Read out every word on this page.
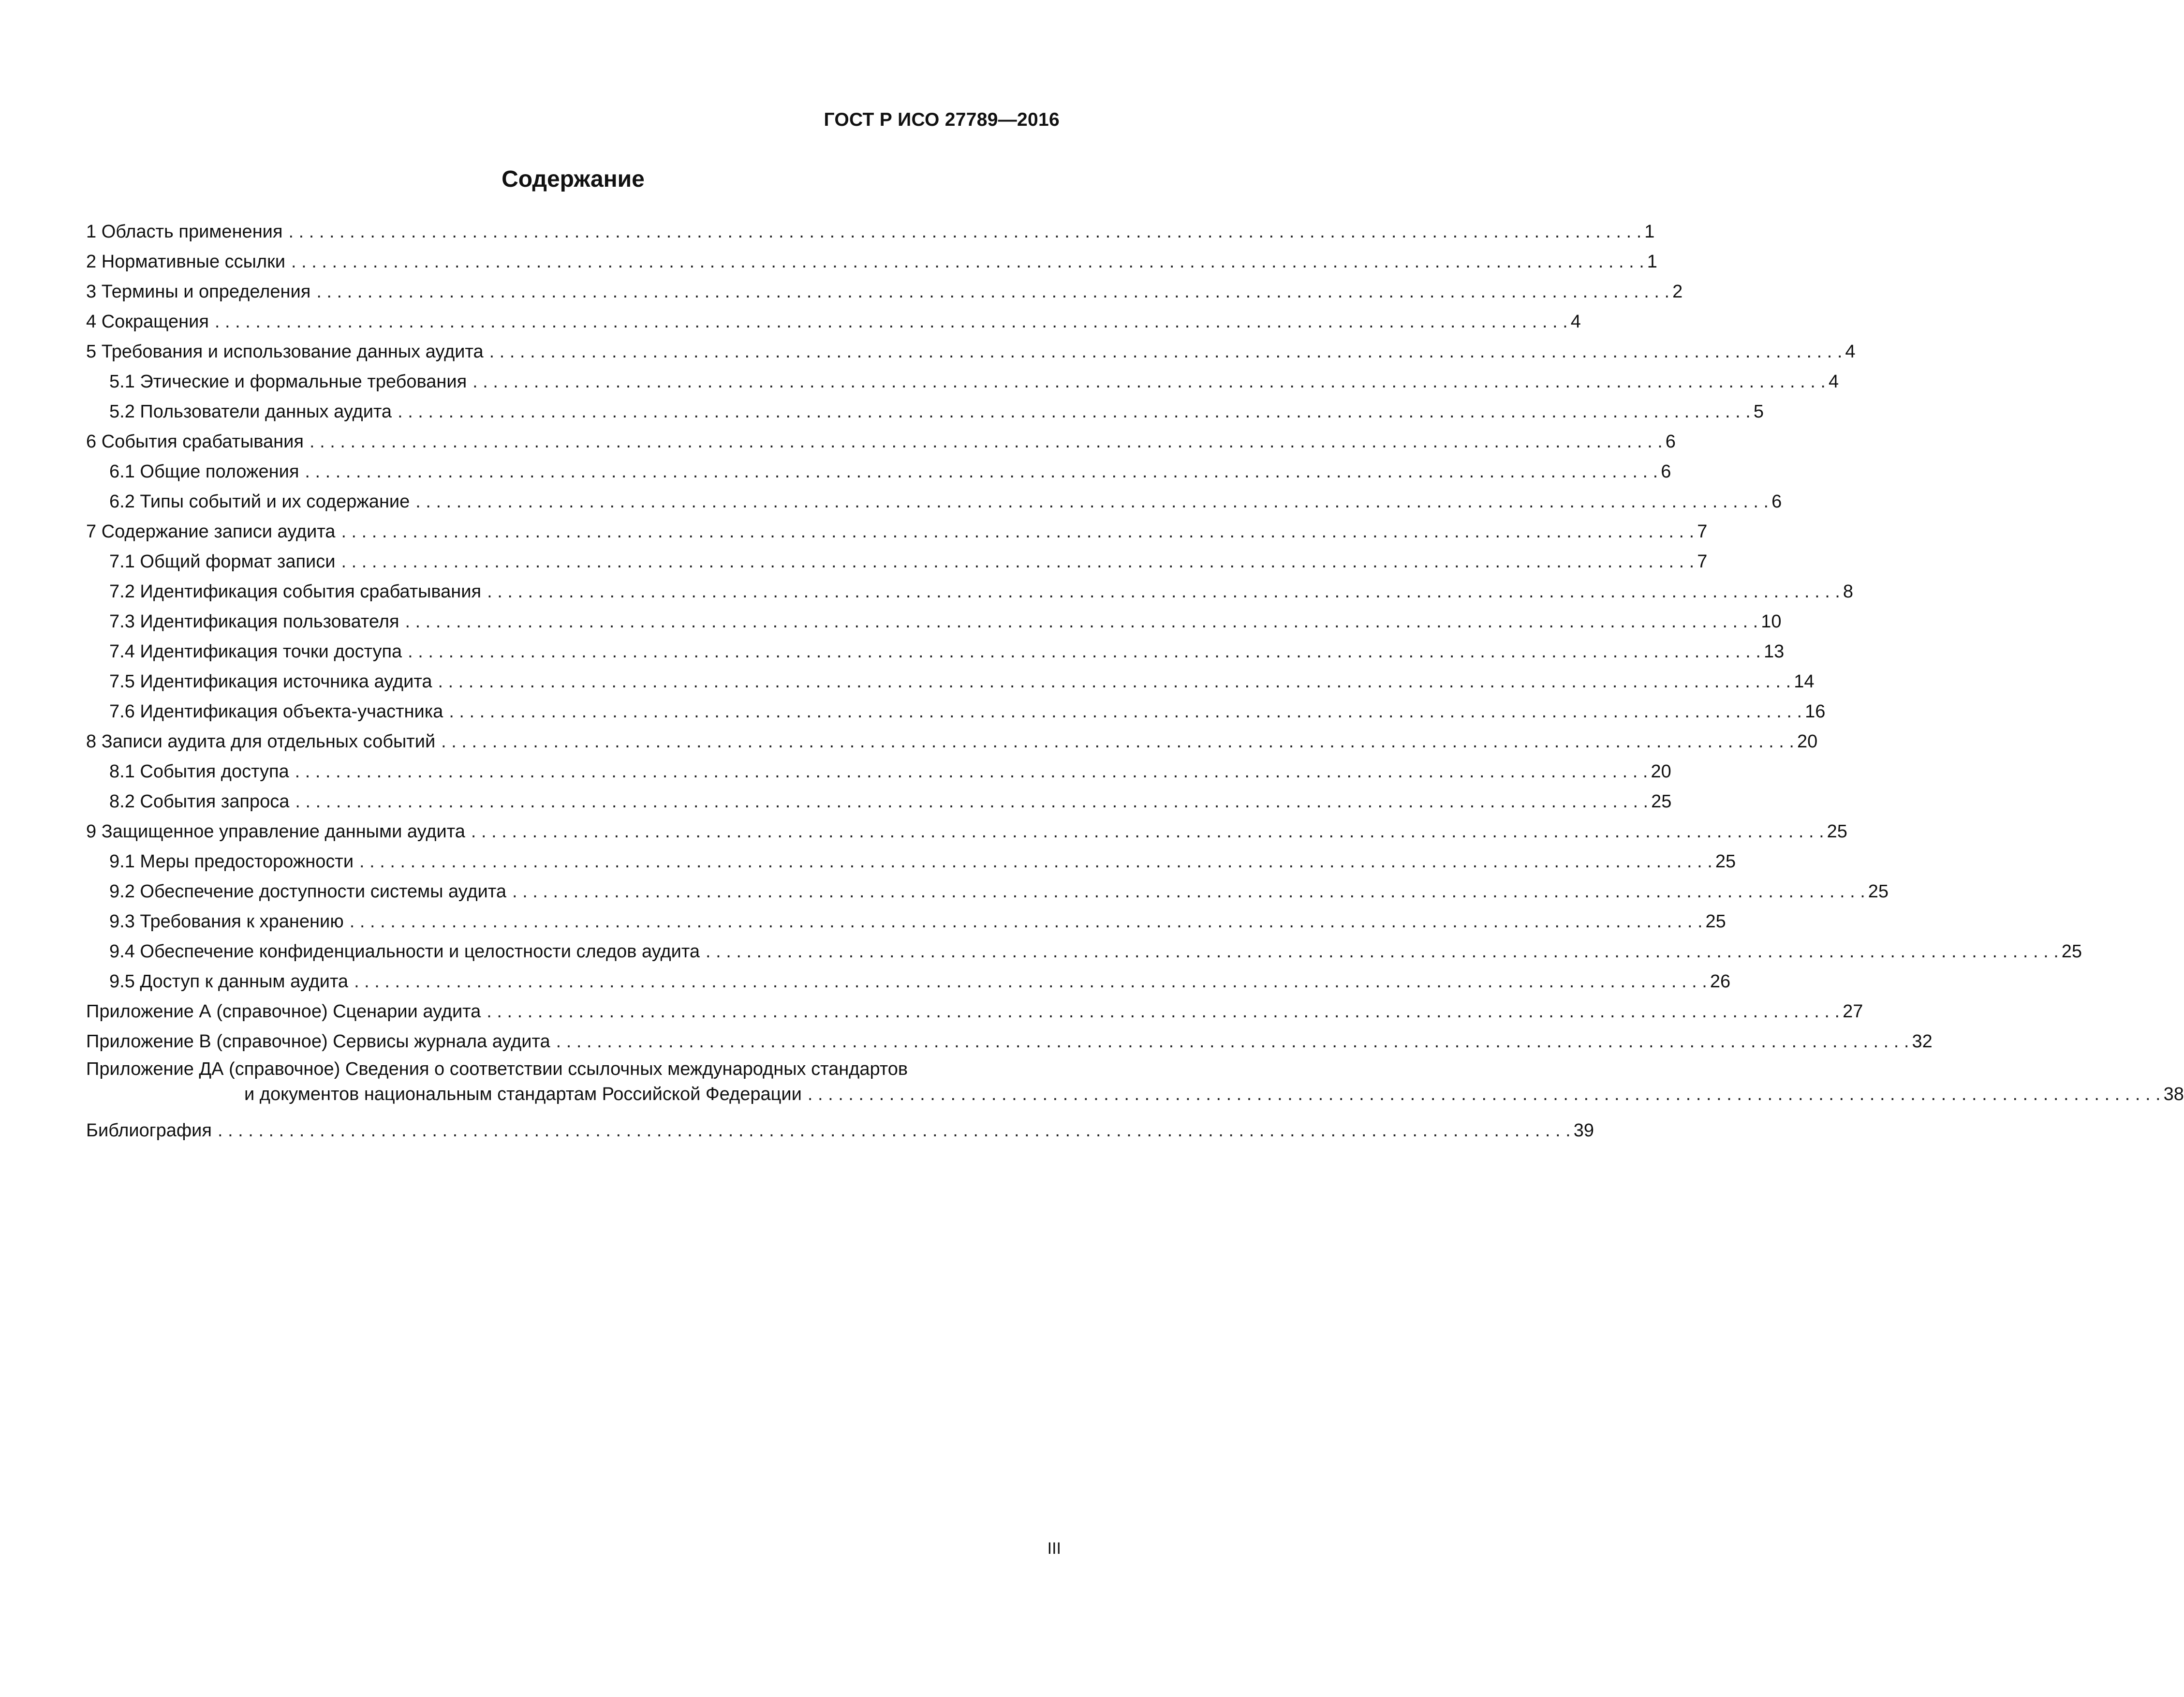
ГОСТ Р ИСО 27789—2016
Содержание
1 Область применения . . .	1
2 Нормативные ссылки . . .	1
3 Термины и определения . . .	2
4 Сокращения . . .	4
5 Требования и использование данных аудита . . .	4
5.1 Этические и формальные требования . . .	4
5.2 Пользователи данных аудита . . .	5
6 События срабатывания . . .	6
6.1 Общие положения . . .	6
6.2 Типы событий и их содержание . . .	6
7 Содержание записи аудита . . .	7
7.1 Общий формат записи . . .	7
7.2 Идентификация события срабатывания . . .	8
7.3 Идентификация пользователя . . .	10
7.4 Идентификация точки доступа . . .	13
7.5 Идентификация источника аудита . . .	14
7.6 Идентификация объекта-участника . . .	16
8 Записи аудита для отдельных событий . . .	20
8.1 События доступа . . .	20
8.2 События запроса . . .	25
9 Защищенное управление данными аудита . . .	25
9.1 Меры предосторожности . . .	25
9.2 Обеспечение доступности системы аудита . . .	25
9.3 Требования к хранению . . .	25
9.4 Обеспечение конфиденциальности и целостности следов аудита . . .	25
9.5 Доступ к данным аудита . . .	26
Приложение А (справочное) Сценарии аудита . . .	27
Приложение В (справочное) Сервисы журнала аудита . . .	32
Приложение ДА (справочное) Сведения о соответствии ссылочных международных стандартов
и документов национальным стандартам Российской Федерации . . .	38
Библиография . . .	39
III
